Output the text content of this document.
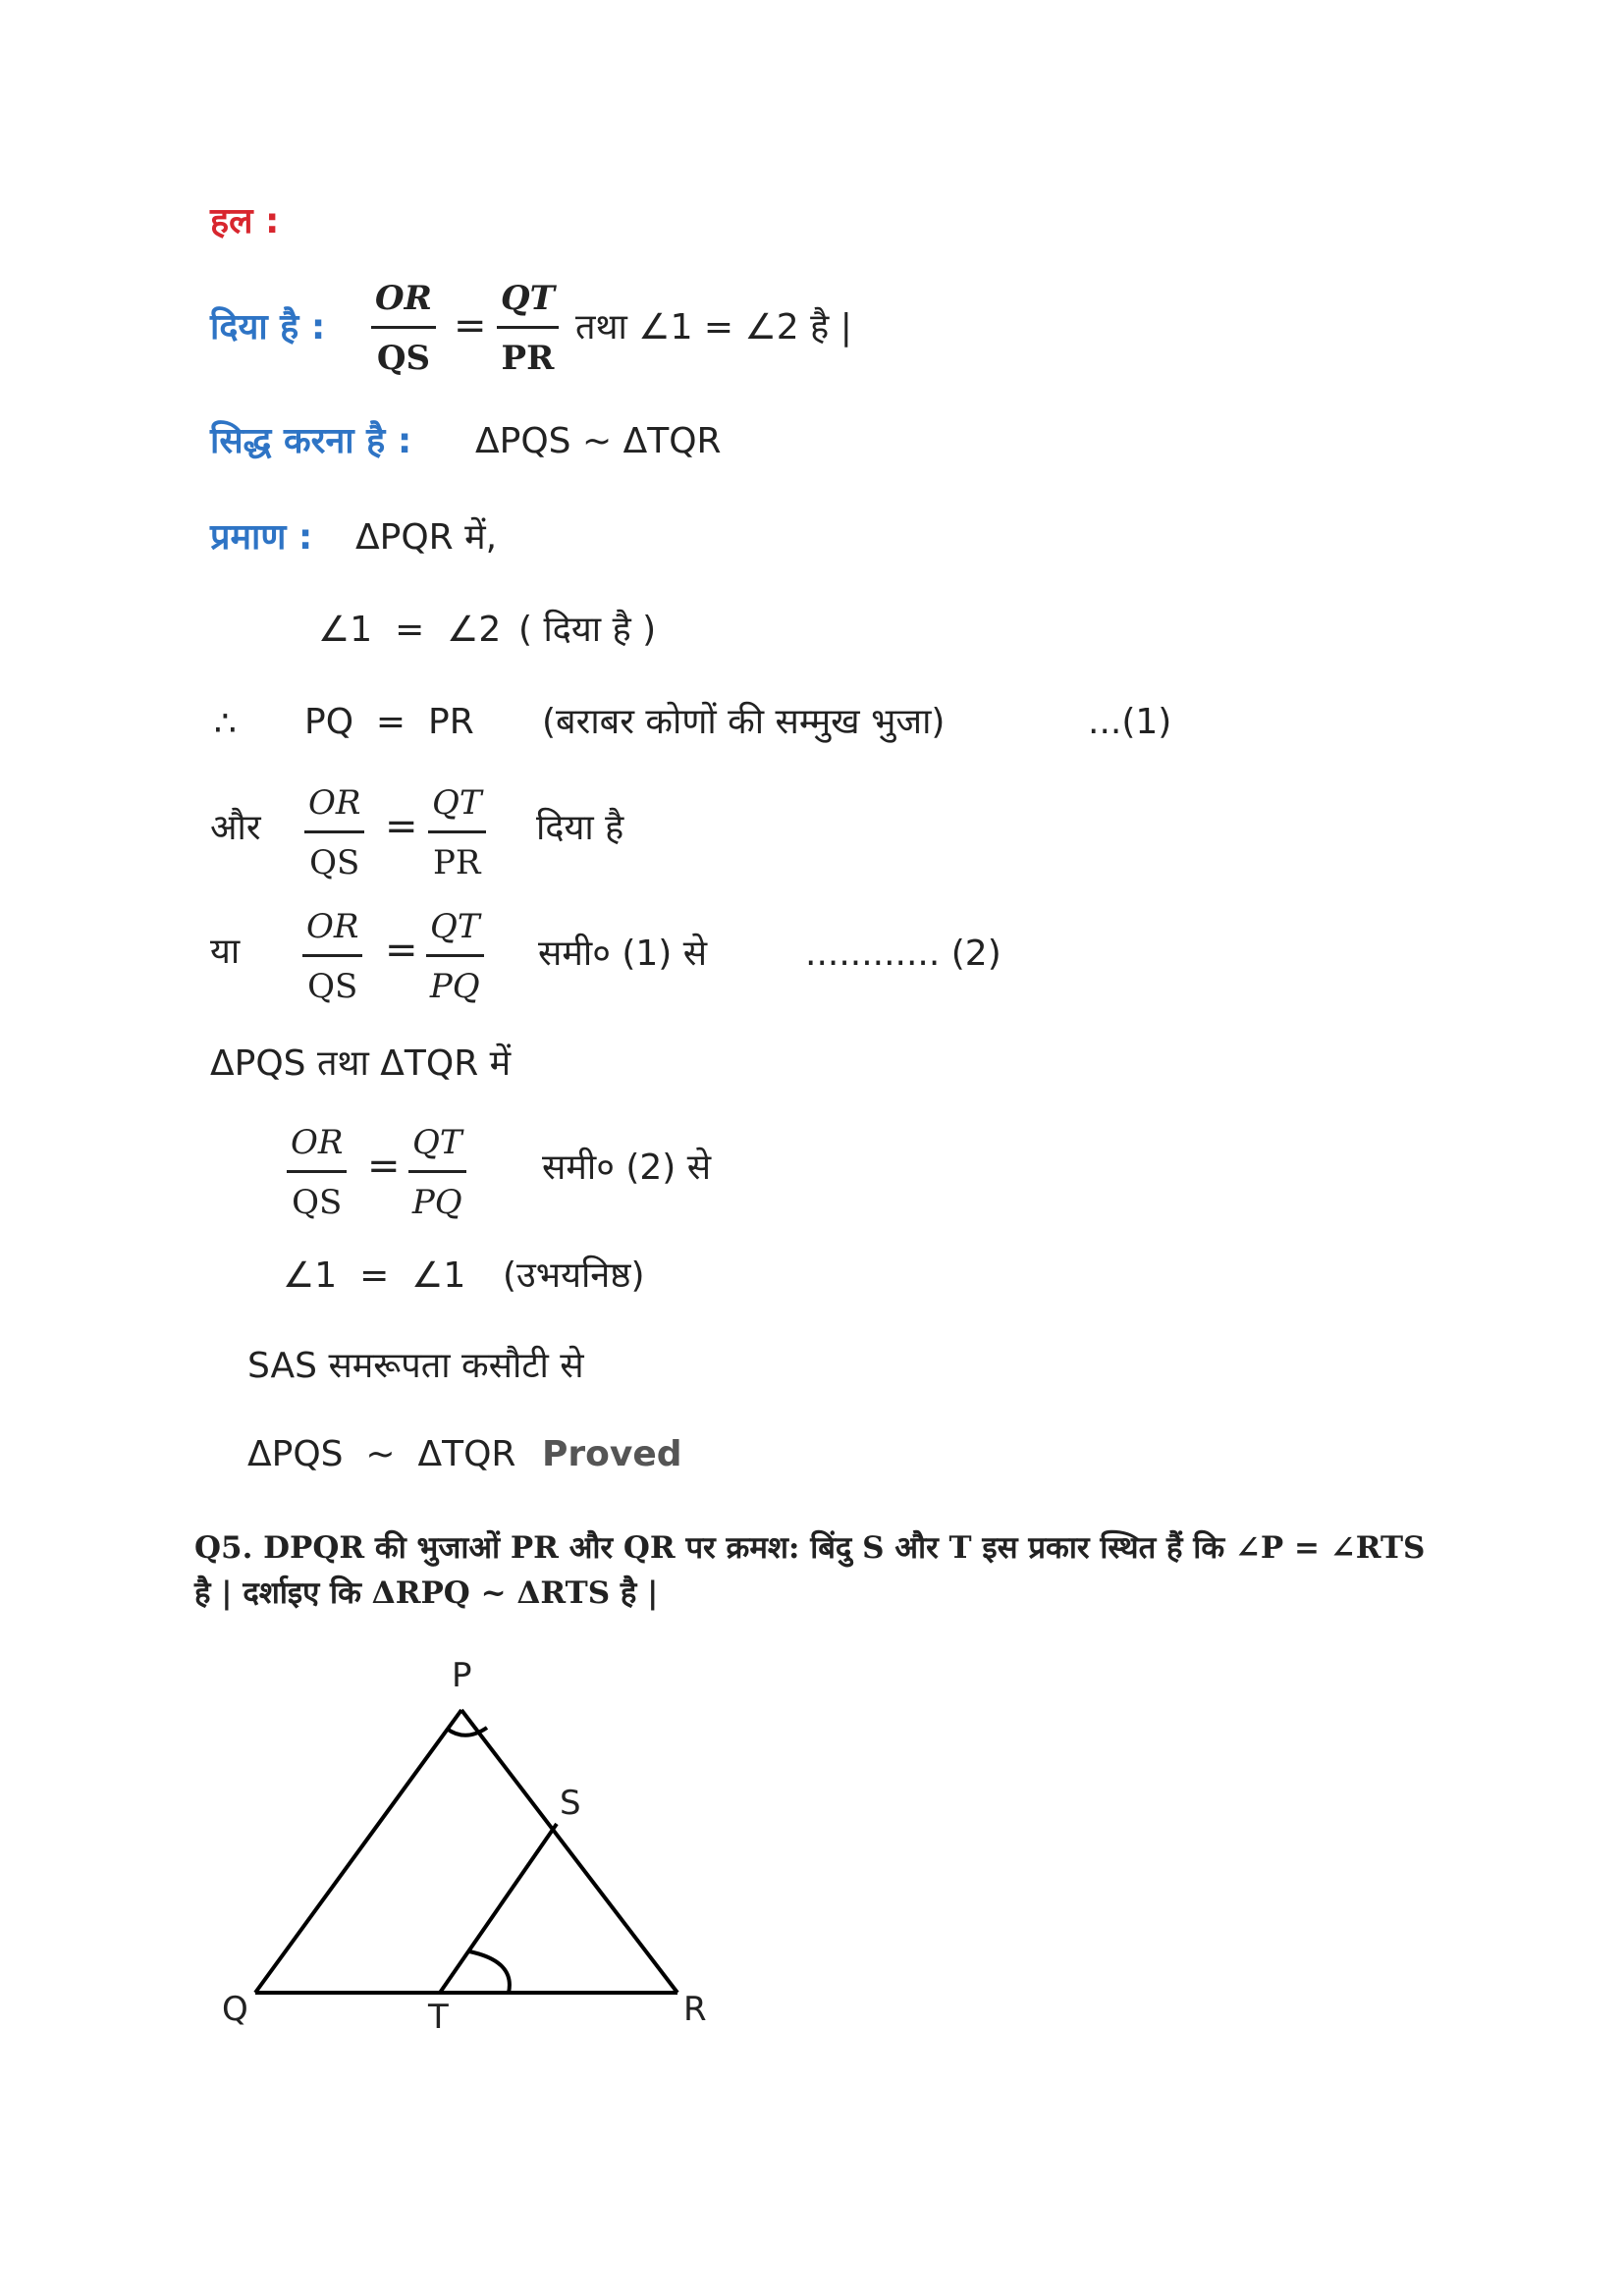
हल :
दिया है : $\frac{OR}{QS} = \frac{QT}{PR}$ तथा ∠1 = ∠2 है |
सिद्ध करना है : ΔPQS ~ ΔTQR
प्रमाण : ΔPQR में,
∠1  =  ∠2 ( दिया है )
∴ PQ  =  PR (बराबर कोणों की सम्मुख भुजा)	...(1)
और $\frac{OR}{QS} = \frac{QT}{PR}$ दिया है
या $\frac{OR}{QS} = \frac{QT}{PQ}$ समी० (1) से	............ (2)
ΔPQS तथा ΔTQR में
$\frac{OR}{QS} = \frac{QT}{PQ}$ समी० (2) से
∠1  =  ∠1 (उभयनिष्ठ)
SAS समरूपता कसौटी से
ΔPQS  ~  ΔTQR Proved
Q5. DPQR की भुजाओं PR और QR पर क्रमश: बिंदु S और T इस प्रकार स्थित हैं कि ∠P = ∠RTS
है | दर्शाइए कि ΔRPQ ~ ΔRTS है |
P
S
Q	T	R
